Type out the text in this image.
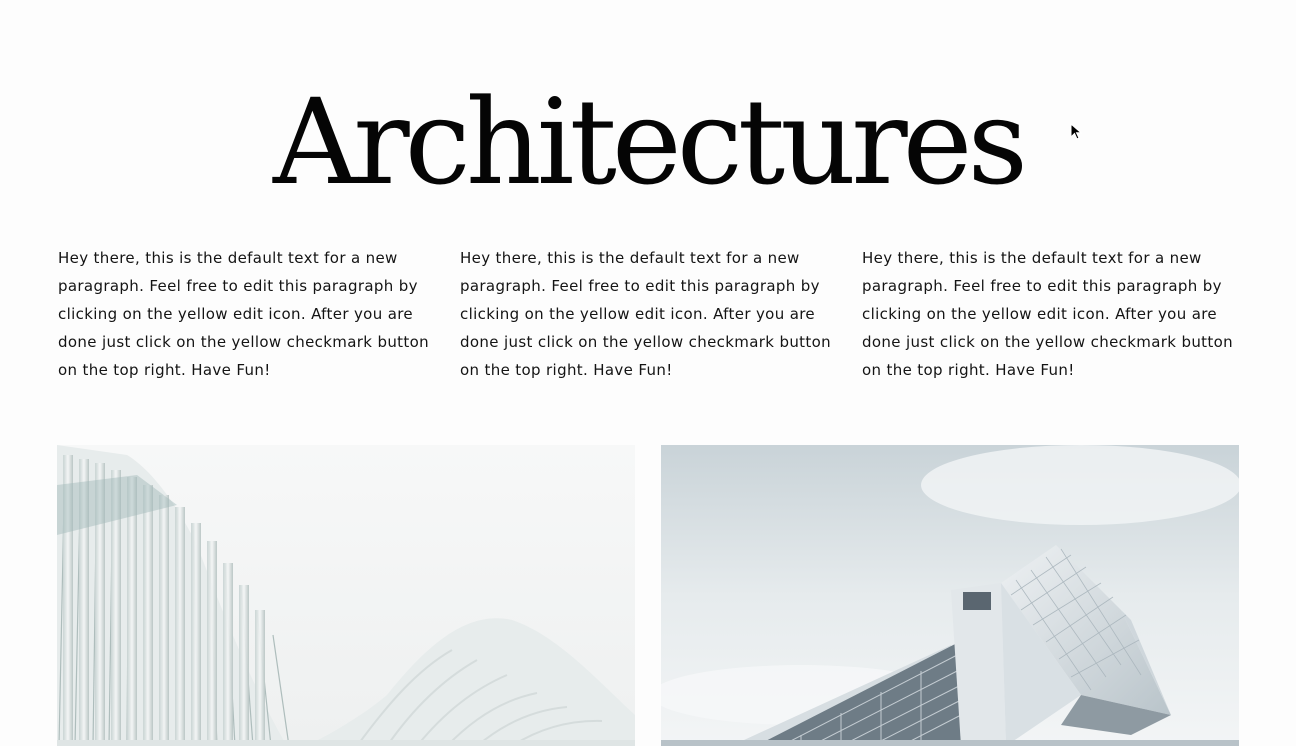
Architectures

Hey there, this is the default text for a new paragraph. Feel free to edit this paragraph by clicking on the yellow edit icon. After you are done just click on the yellow checkmark button on the top right. Have Fun!

Hey there, this is the default text for a new paragraph. Feel free to edit this paragraph by clicking on the yellow edit icon. After you are done just click on the yellow checkmark button on the top right. Have Fun!

Hey there, this is the default text for a new paragraph. Feel free to edit this paragraph by clicking on the yellow edit icon. After you are done just click on the yellow checkmark button on the top right. Have Fun!
